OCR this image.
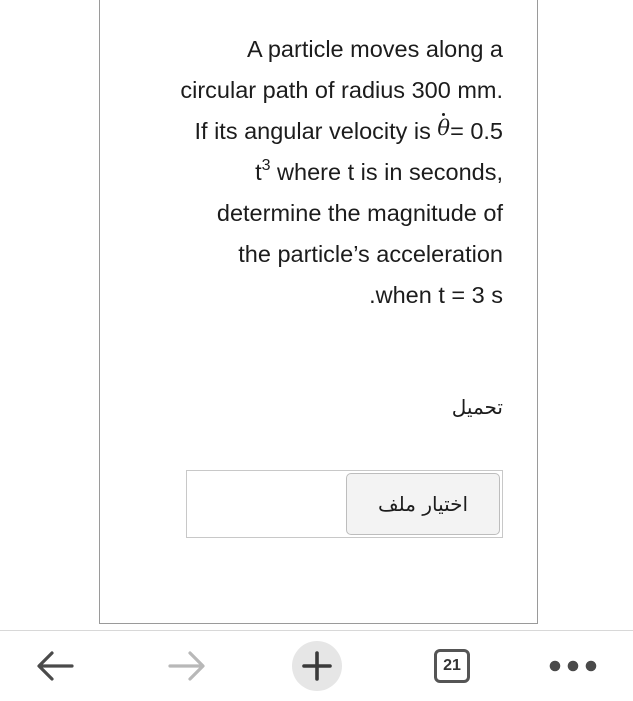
A particle moves along a
circular path of radius 300 mm.
If its angular velocity is θ
= 0.5
$t^3$ where t is in seconds,
determine the magnitude of
the particle’s acceleration
.when t = 3 s
تحميل
اختيار ملف
21
